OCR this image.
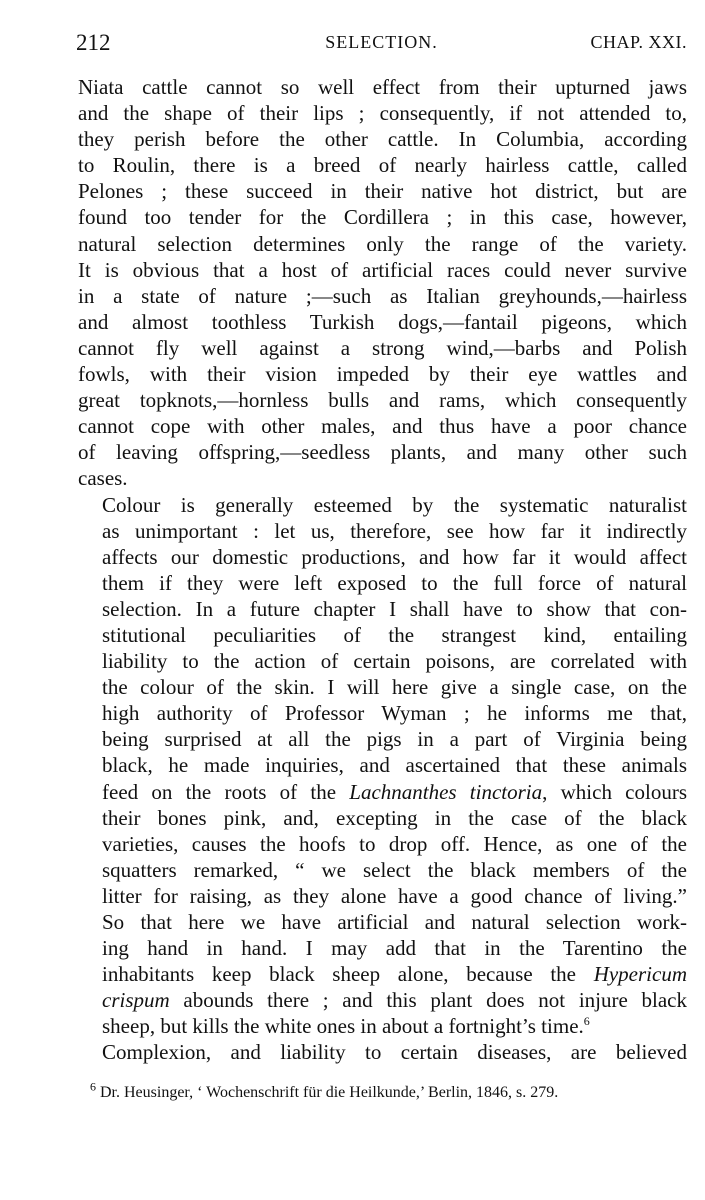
212	SELECTION.	CHAP. XXI.
Niata cattle cannot so well effect from their upturned jaws
and the shape of their lips ; consequently, if not attended to,
they perish before the other cattle. In Columbia, according
to Roulin, there is a breed of nearly hairless cattle, called
Pelones ; these succeed in their native hot district, but are
found too tender for the Cordillera ; in this case, however,
natural selection determines only the range of the variety.
It is obvious that a host of artificial races could never survive
in a state of nature ;—such as Italian greyhounds,—hairless
and almost toothless Turkish dogs,—fantail pigeons, which
cannot fly well against a strong wind,—barbs and Polish
fowls, with their vision impeded by their eye wattles and
great topknots,—hornless bulls and rams, which consequently
cannot cope with other males, and thus have a poor chance
of leaving offspring,—seedless plants, and many other such
cases.
Colour is generally esteemed by the systematic naturalist
as unimportant : let us, therefore, see how far it indirectly
affects our domestic productions, and how far it would affect
them if they were left exposed to the full force of natural
selection. In a future chapter I shall have to show that con-
stitutional peculiarities of the strangest kind, entailing
liability to the action of certain poisons, are correlated with
the colour of the skin. I will here give a single case, on the
high authority of Professor Wyman ; he informs me that,
being surprised at all the pigs in a part of Virginia being
black, he made inquiries, and ascertained that these animals
feed on the roots of the Lachnanthes tinctoria, which colours
their bones pink, and, excepting in the case of the black
varieties, causes the hoofs to drop off. Hence, as one of the
squatters remarked, “ we select the black members of the
litter for raising, as they alone have a good chance of living.”
So that here we have artificial and natural selection work-
ing hand in hand. I may add that in the Tarentino the
inhabitants keep black sheep alone, because the Hypericum
crispum abounds there ; and this plant does not injure black
sheep, but kills the white ones in about a fortnight’s time.$^6$
Complexion, and liability to certain diseases, are believed
$^6$ Dr. Heusinger, ‘ Wochenschrift für die Heilkunde,’ Berlin, 1846, s. 279.
